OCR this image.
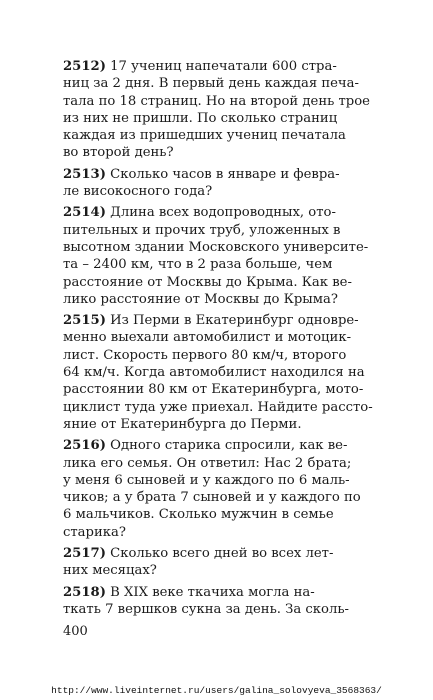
2512) 17 учениц напечатали 600 стра-
ниц за 2 дня. В первый день каждая печа-
тала по 18 страниц. Но на второй день трое
из них не пришли. По сколько страниц
каждая из пришедших учениц печатала
во второй день?

2513) Сколько часов в январе и февра-
ле високосного года?

2514) Длина всех водопроводных, ото-
пительных и прочих труб, уложенных в
высотном здании Московского университе-
та – 2400 км, что в 2 раза больше, чем
расстояние от Москвы до Крыма. Как ве-
лико расстояние от Москвы до Крыма?

2515) Из Перми в Екатеринбург одновре-
менно выехали автомобилист и мотоцик-
лист. Скорость первого 80 км/ч, второго
64 км/ч. Когда автомобилист находился на
расстоянии 80 км от Екатеринбурга, мото-
циклист туда уже приехал. Найдите рассто-
яние от Екатеринбурга до Перми.

2516) Одного старика спросили, как ве-
лика его семья. Он ответил: Нас 2 брата;
у меня 6 сыновей и у каждого по 6 маль-
чиков; а у брата 7 сыновей и у каждого по
6 мальчиков. Сколько мужчин в семье
старика?

2517) Сколько всего дней во всех лет-
них месяцах?

2518) В XIX веке ткачиха могла на-
ткать 7 вершков сукна за день. За сколь-

400
http://www.liveinternet.ru/users/galina_solovyeva_3568363/
